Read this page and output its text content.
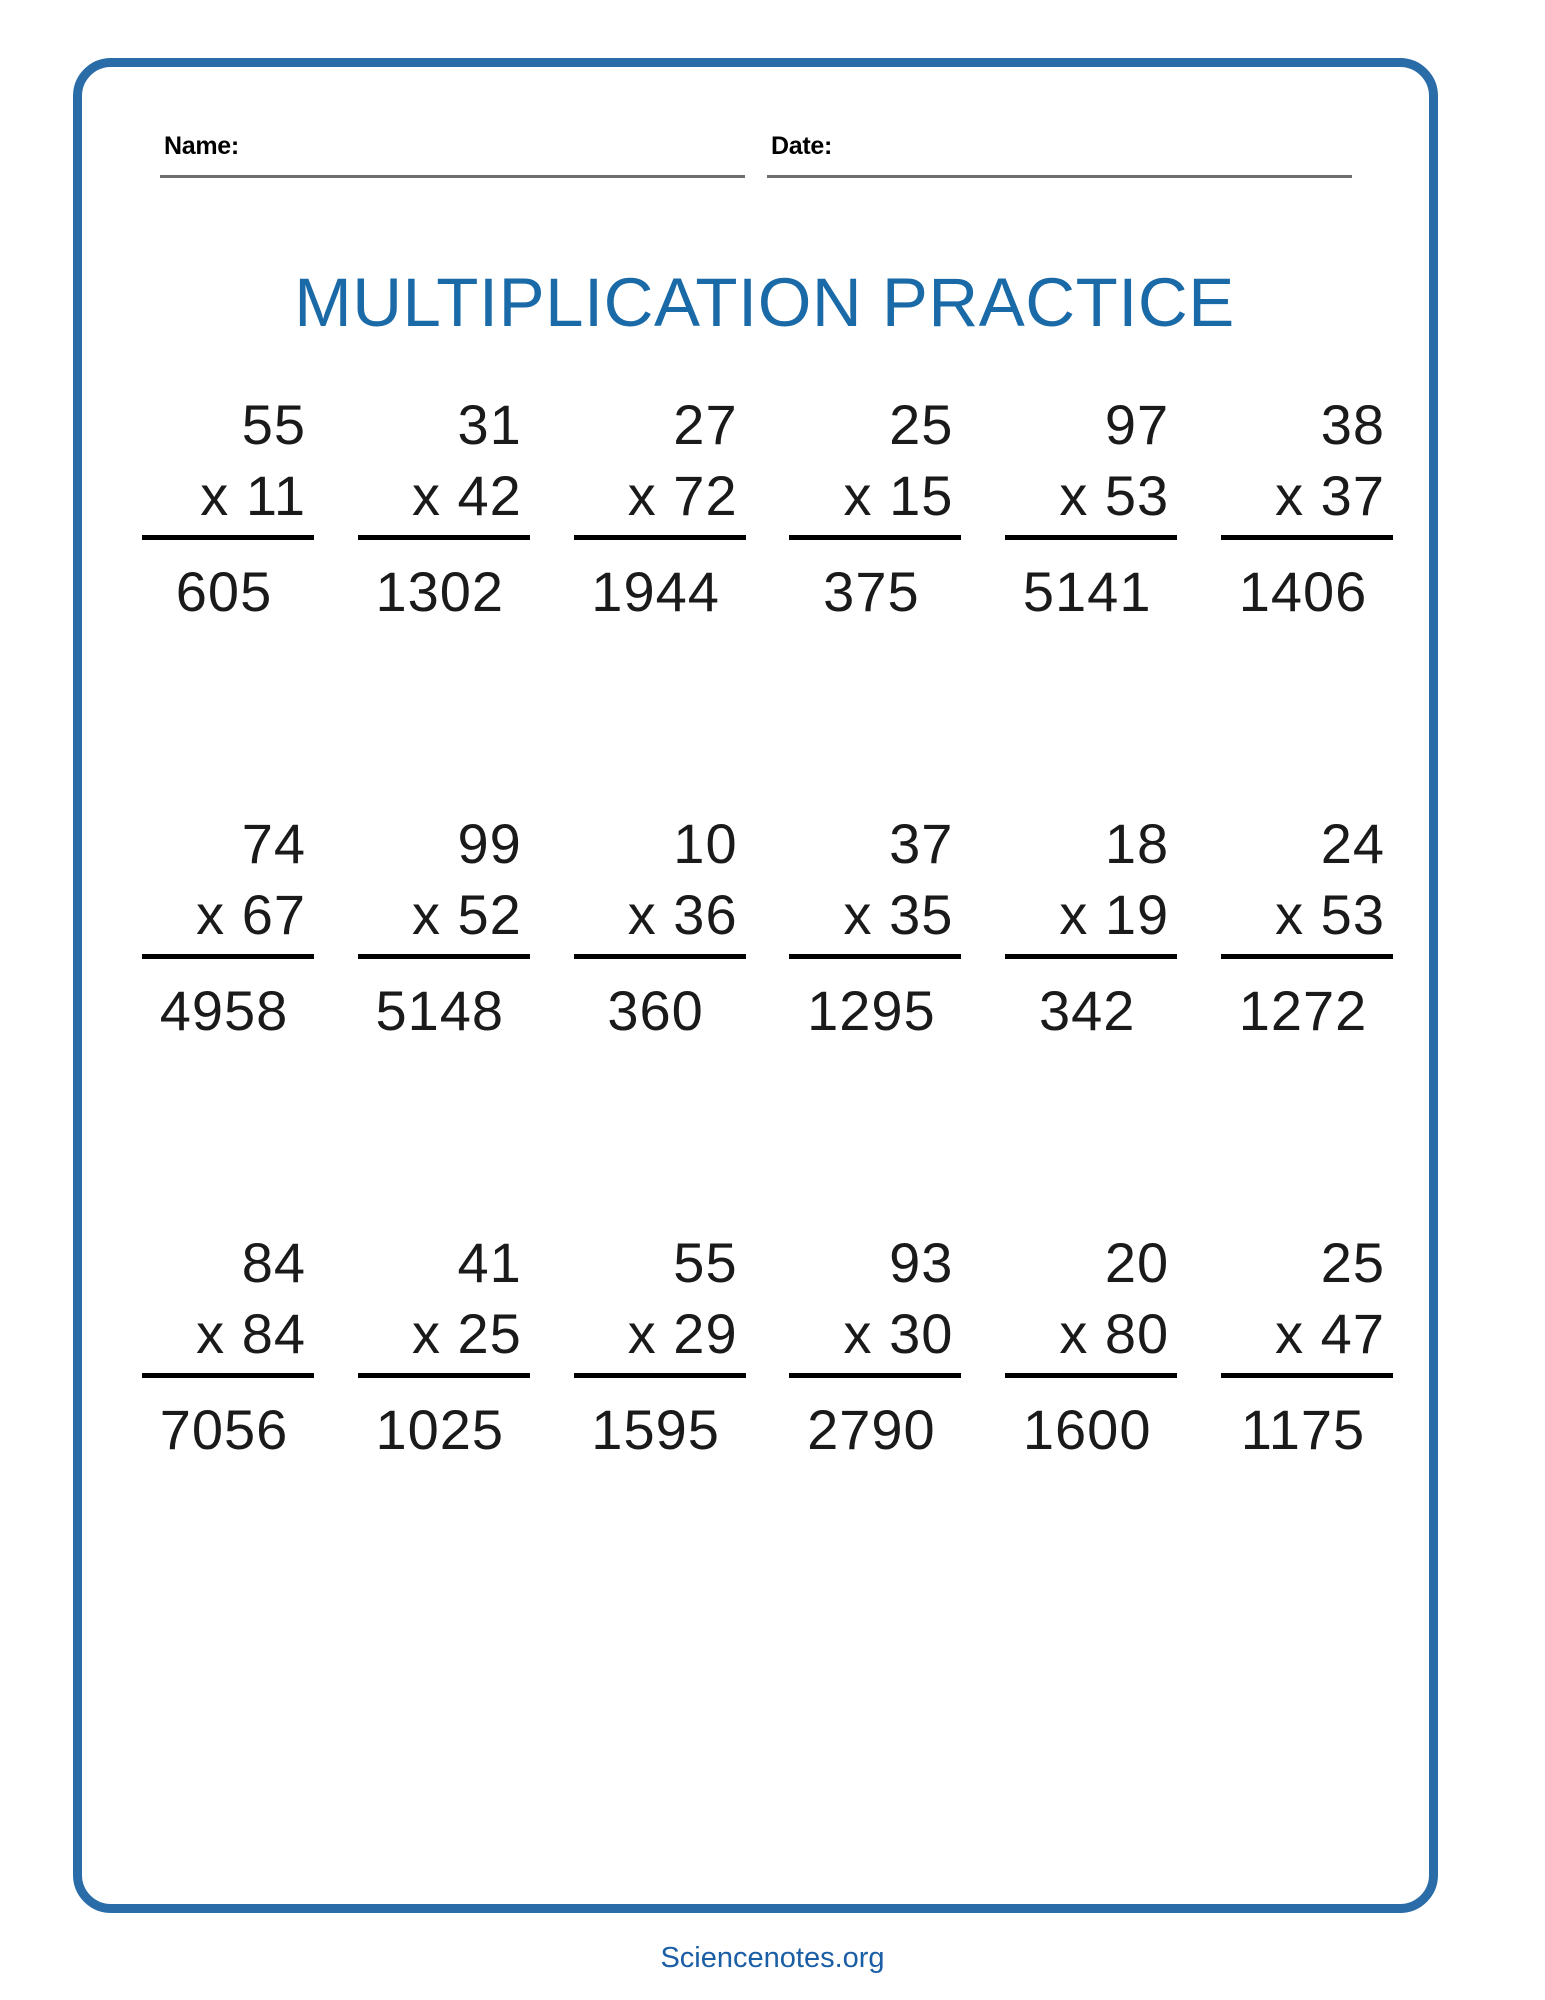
Name:	Date:
MULTIPLICATION PRACTICE
55
x 11
605
31
x 42
1302
27
x 72
1944
25
x 15
375
97
x 53
5141
38
x 37
1406
74
x 67
4958
99
x 52
5148
10
x 36
360
37
x 35
1295
18
x 19
342
24
x 53
1272
84
x 84
7056
41
x 25
1025
55
x 29
1595
93
x 30
2790
20
x 80
1600
25
x 47
1175
Sciencenotes.org
